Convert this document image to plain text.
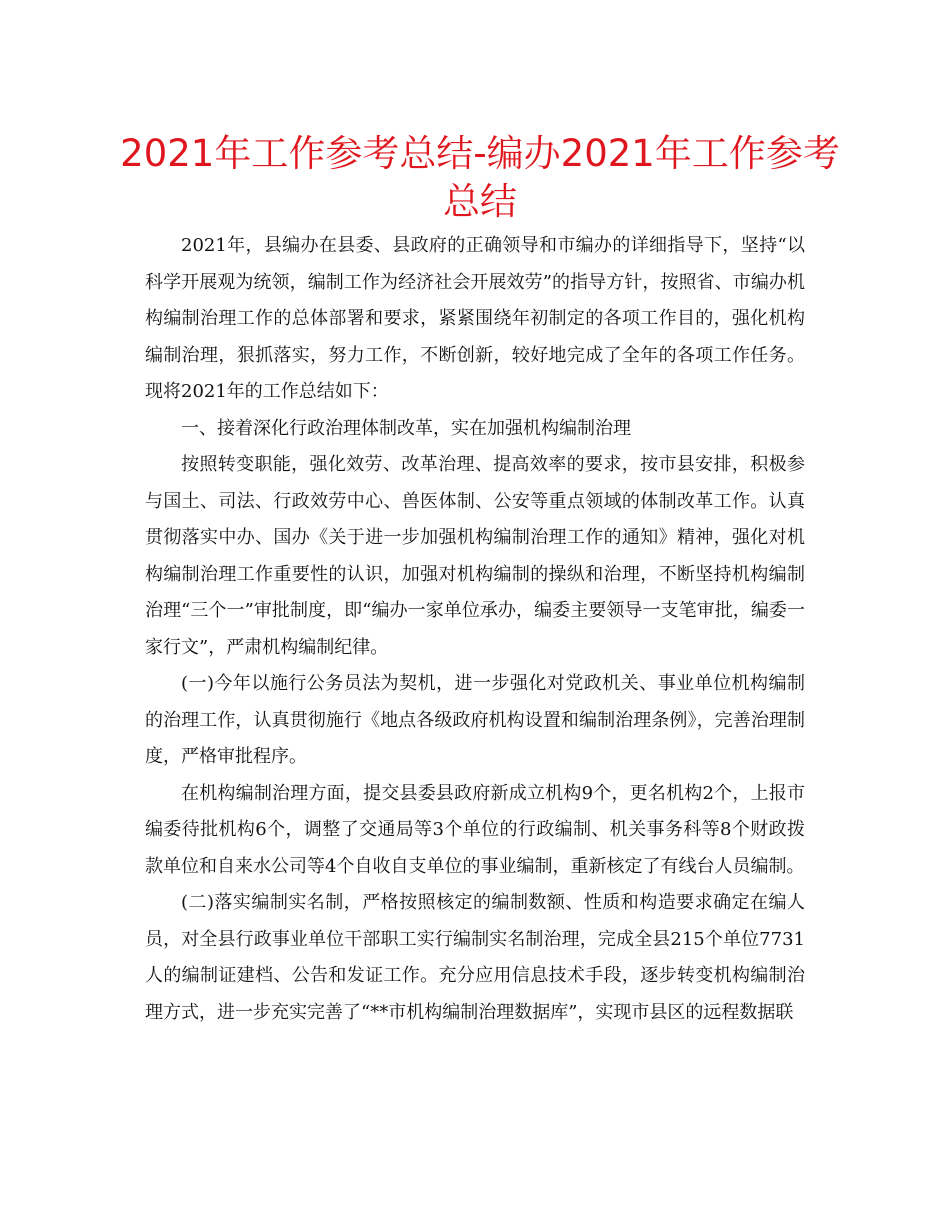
2021年工作参考总结-编办2021年工作参考总结

2021年，县编办在县委、县政府的正确领导和市编办的详细指导下，坚持“以科学开展观为统领，编制工作为经济社会开展效劳”的指导方针，按照省、市编办机构编制治理工作的总体部署和要求，紧紧围绕年初制定的各项工作目的，强化机构编制治理，狠抓落实，努力工作，不断创新，较好地完成了全年的各项工作任务。现将2021年的工作总结如下：

一、接着深化行政治理体制改革，实在加强机构编制治理

按照转变职能，强化效劳、改革治理、提高效率的要求，按市县安排，积极参与国土、司法、行政效劳中心、兽医体制、公安等重点领域的体制改革工作。认真贯彻落实中办、国办《关于进一步加强机构编制治理工作的通知》精神，强化对机构编制治理工作重要性的认识，加强对机构编制的操纵和治理，不断坚持机构编制治理“三个一”审批制度，即“编办一家单位承办，编委主要领导一支笔审批，编委一家行文”，严肃机构编制纪律。

(一)今年以施行公务员法为契机，进一步强化对党政机关、事业单位机构编制的治理工作，认真贯彻施行《地点各级政府机构设置和编制治理条例》，完善治理制度，严格审批程序。

在机构编制治理方面，提交县委县政府新成立机构9个，更名机构2个，上报市编委待批机构6个，调整了交通局等3个单位的行政编制、机关事务科等8个财政拨款单位和自来水公司等4个自收自支单位的事业编制，重新核定了有线台人员编制。

(二)落实编制实名制，严格按照核定的编制数额、性质和构造要求确定在编人员，对全县行政事业单位干部职工实行编制实名制治理，完成全县215个单位7731人的编制证建档、公告和发证工作。充分应用信息技术手段，逐步转变机构编制治理方式，进一步充实完善了“**市机构编制治理数据库”，实现市县区的远程数据联
